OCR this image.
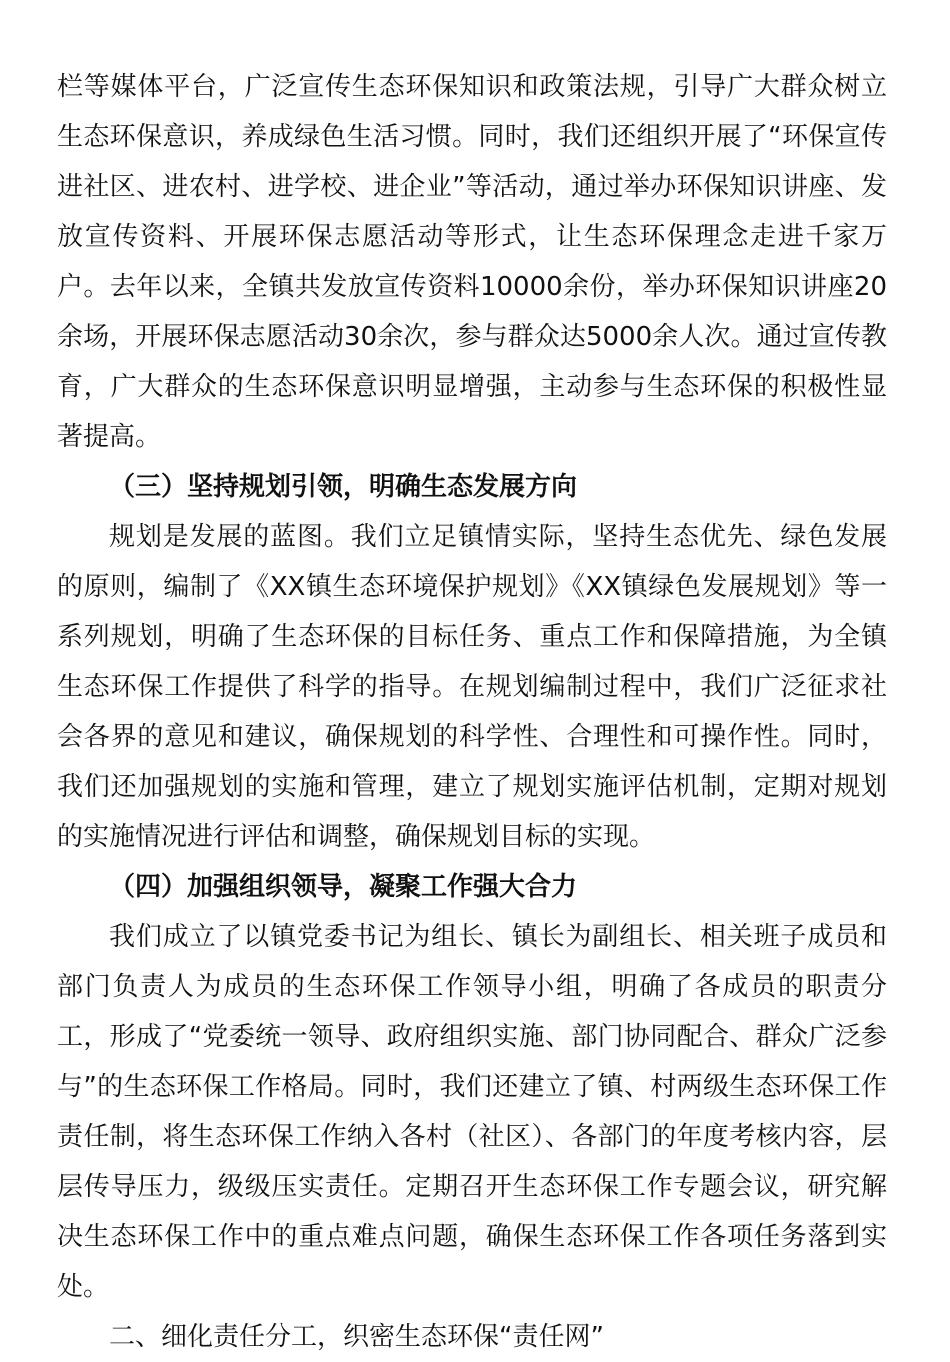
栏等媒体平台，广泛宣传生态环保知识和政策法规，引导广大群众树立生态环保意识，养成绿色生活习惯。同时，我们还组织开展了“环保宣传进社区、进农村、进学校、进企业”等活动，通过举办环保知识讲座、发放宣传资料、开展环保志愿活动等形式，让生态环保理念走进千家万户。去年以来，全镇共发放宣传资料10000余份，举办环保知识讲座20余场，开展环保志愿活动30余次，参与群众达5000余人次。通过宣传教育，广大群众的生态环保意识明显增强，主动参与生态环保的积极性显著提高。

（三）坚持规划引领，明确生态发展方向

规划是发展的蓝图。我们立足镇情实际，坚持生态优先、绿色发展的原则，编制了《XX镇生态环境保护规划》《XX镇绿色发展规划》等一系列规划，明确了生态环保的目标任务、重点工作和保障措施，为全镇生态环保工作提供了科学的指导。在规划编制过程中，我们广泛征求社会各界的意见和建议，确保规划的科学性、合理性和可操作性。同时，我们还加强规划的实施和管理，建立了规划实施评估机制，定期对规划的实施情况进行评估和调整，确保规划目标的实现。

（四）加强组织领导，凝聚工作强大合力

我们成立了以镇党委书记为组长、镇长为副组长、相关班子成员和部门负责人为成员的生态环保工作领导小组，明确了各成员的职责分工，形成了“党委统一领导、政府组织实施、部门协同配合、群众广泛参与”的生态环保工作格局。同时，我们还建立了镇、村两级生态环保工作责任制，将生态环保工作纳入各村（社区）、各部门的年度考核内容，层层传导压力，级级压实责任。定期召开生态环保工作专题会议，研究解决生态环保工作中的重点难点问题，确保生态环保工作各项任务落到实处。

二、细化责任分工，织密生态环保“责任网”
